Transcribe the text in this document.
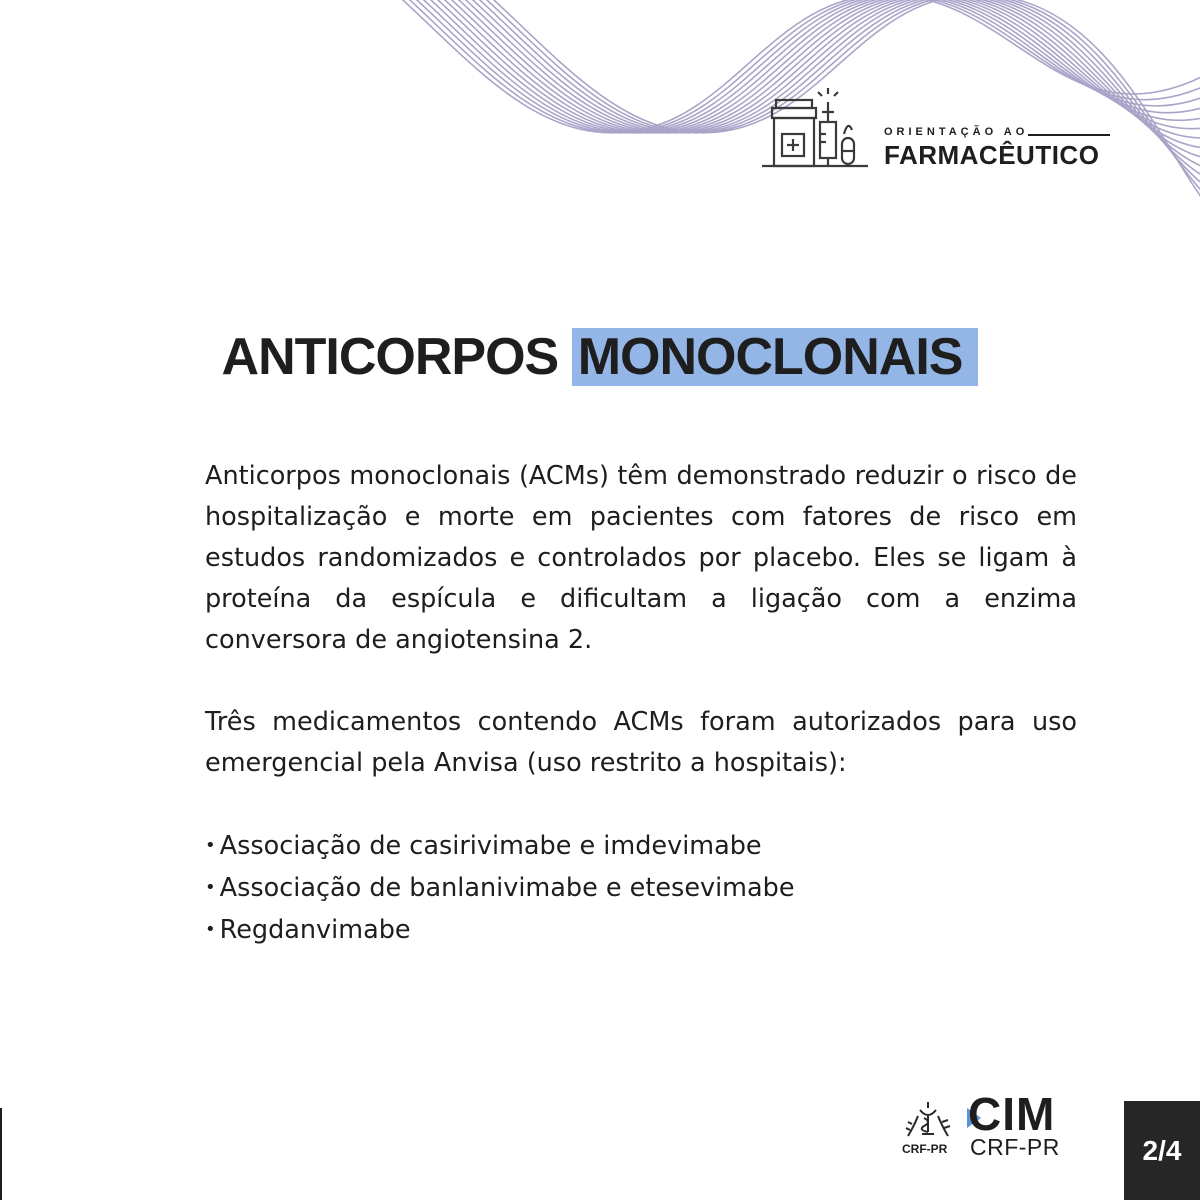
ORIENTAÇÃO AO
FARMACÊUTICO
ANTICORPOS MONOCLONAIS

Anticorpos monoclonais (ACMs) têm demonstrado reduzir o risco de hospitalização e morte em pacientes com fatores de risco em estudos randomizados e controlados por placebo. Eles se ligam à proteína da espícula e dificultam a ligação com a enzima conversora de angiotensina 2.

Três medicamentos contendo ACMs foram autorizados para uso emergencial pela Anvisa (uso restrito a hospitais):

• Associação de casirivimabe e imdevimabe
• Associação de banlanivimabe e etesevimabe
• Regdanvimabe
CRF-PR
CIM
CRF-PR	2/4
